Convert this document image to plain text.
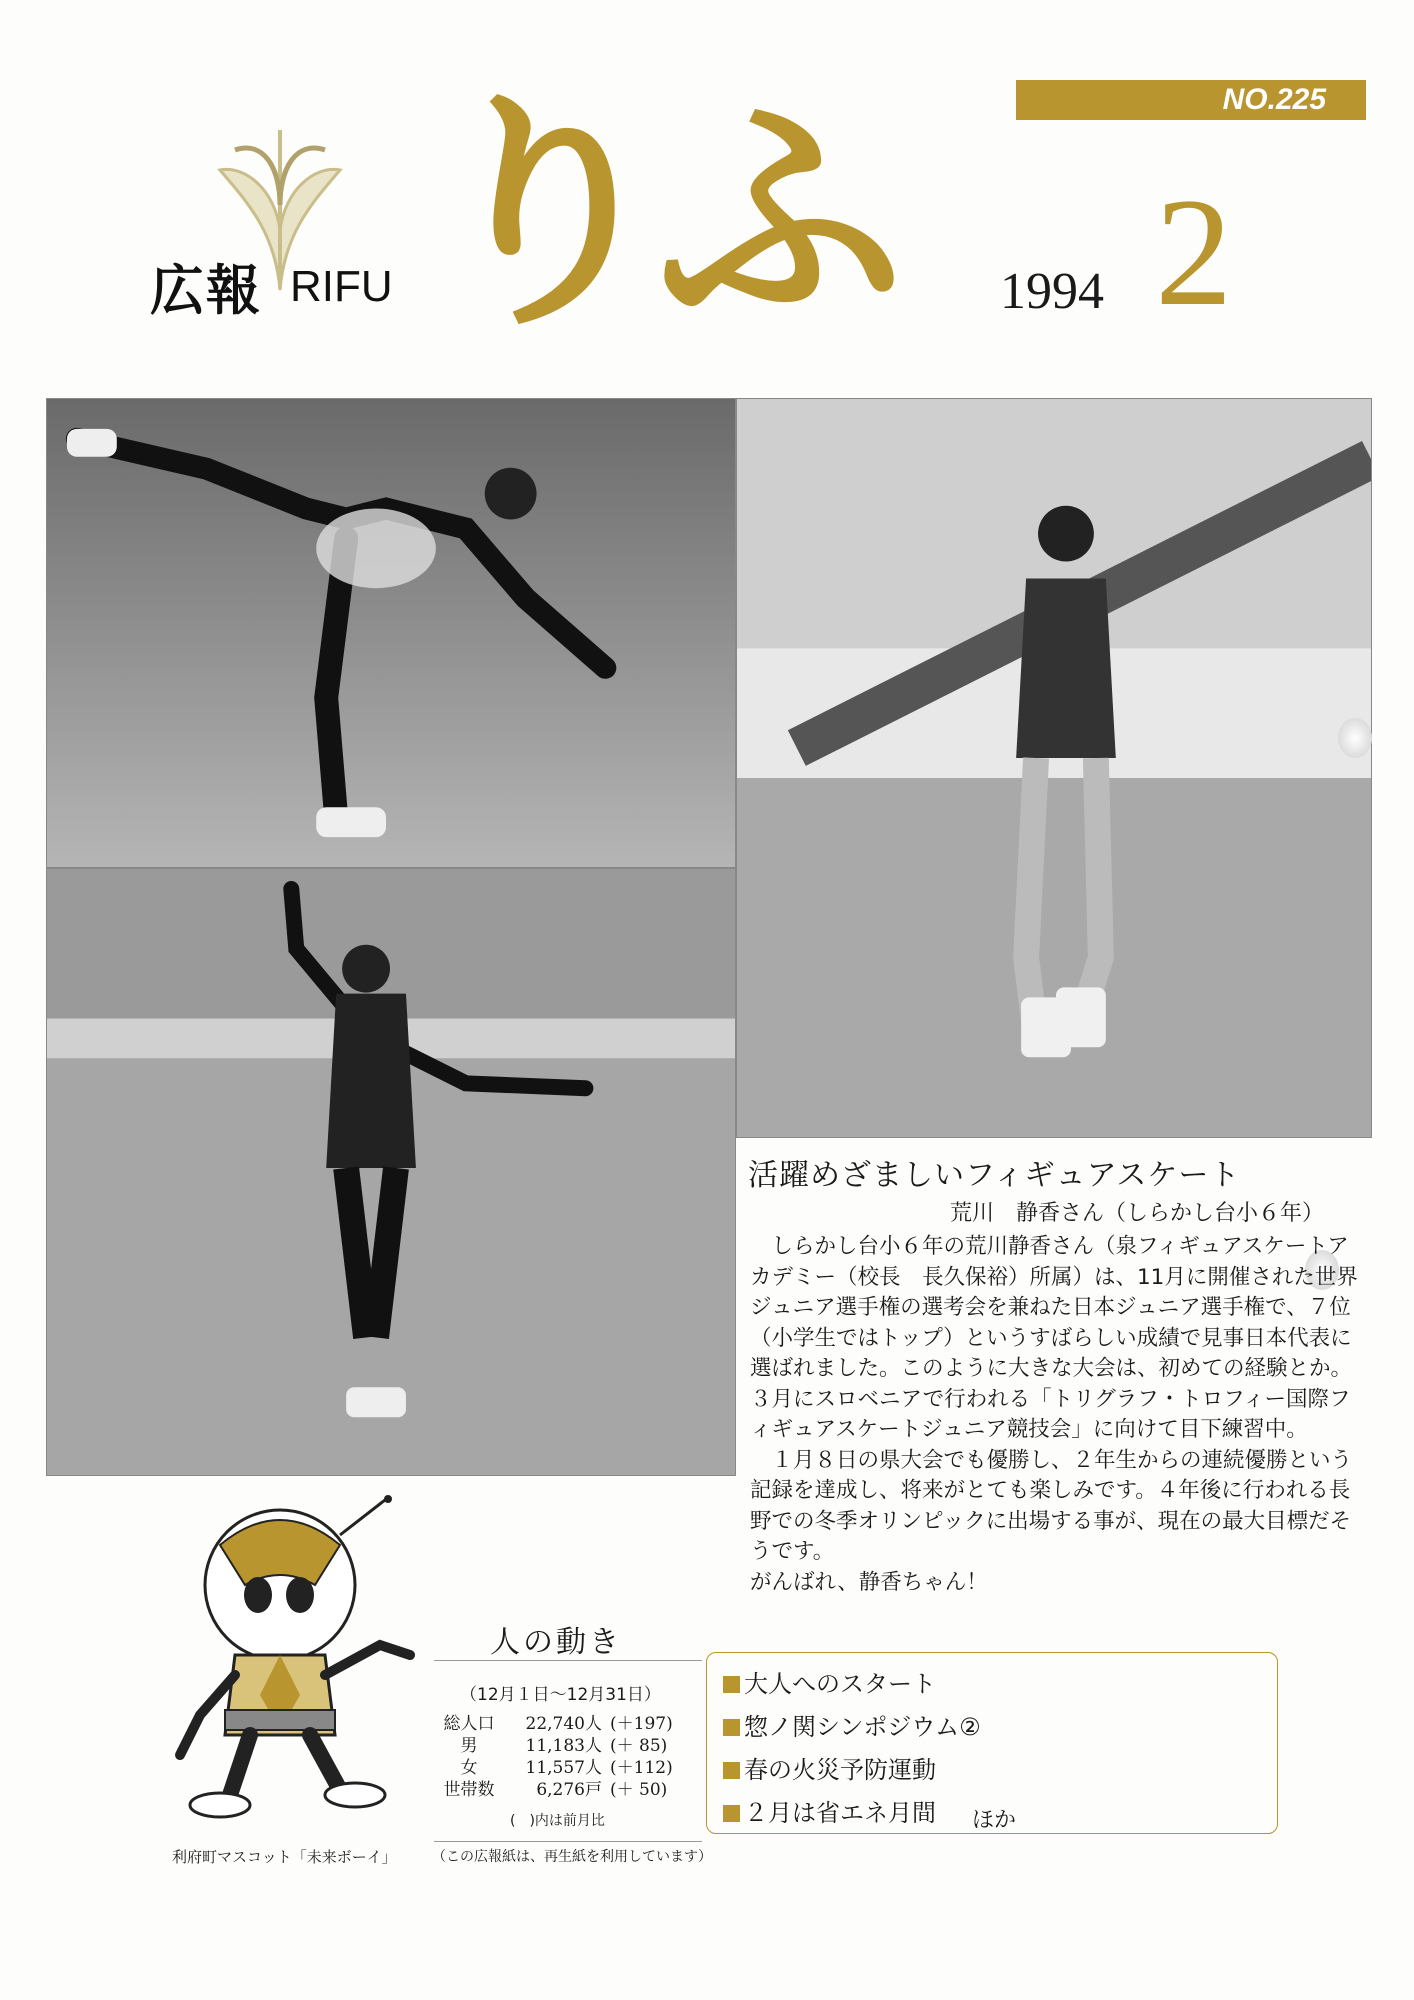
NO.225
広報 RIFU りふ 1994 2
活躍めざましいフィギュアスケート
荒川　静香さん（しらかし台小６年）

しらかし台小６年の荒川静香さん（泉フィギュアスケートアカデミー（校長　長久保裕）所属）は、11月に開催された世界ジュニア選手権の選考会を兼ねた日本ジュニア選手権で、７位（小学生ではトップ）というすばらしい成績で見事日本代表に選ばれました。このように大きな大会は、初めての経験とか。３月にスロベニアで行われる「トリグラフ・トロフィー国際フィギュアスケートジュニア競技会」に向けて目下練習中。

１月８日の県大会でも優勝し、２年生からの連続優勝という記録を達成し、将来がとても楽しみです。４年後に行われる長野での冬季オリンピックに出場する事が、現在の最大目標だそうです。

がんばれ、静香ちゃん！

利府町マスコット「未来ボーイ」
人の動き
（12月１日〜12月31日）
総人口	22,740人	(＋197)
男	11,183人	(＋ 85)
女	11,557人	(＋112)
世帯数	6,276戸	(＋ 50)
(　)内は前月比
（この広報紙は、再生紙を利用しています）
大人へのスタート
惣ノ関シンポジウム②
春の火災予防運動
２月は省エネ月間 ほか
